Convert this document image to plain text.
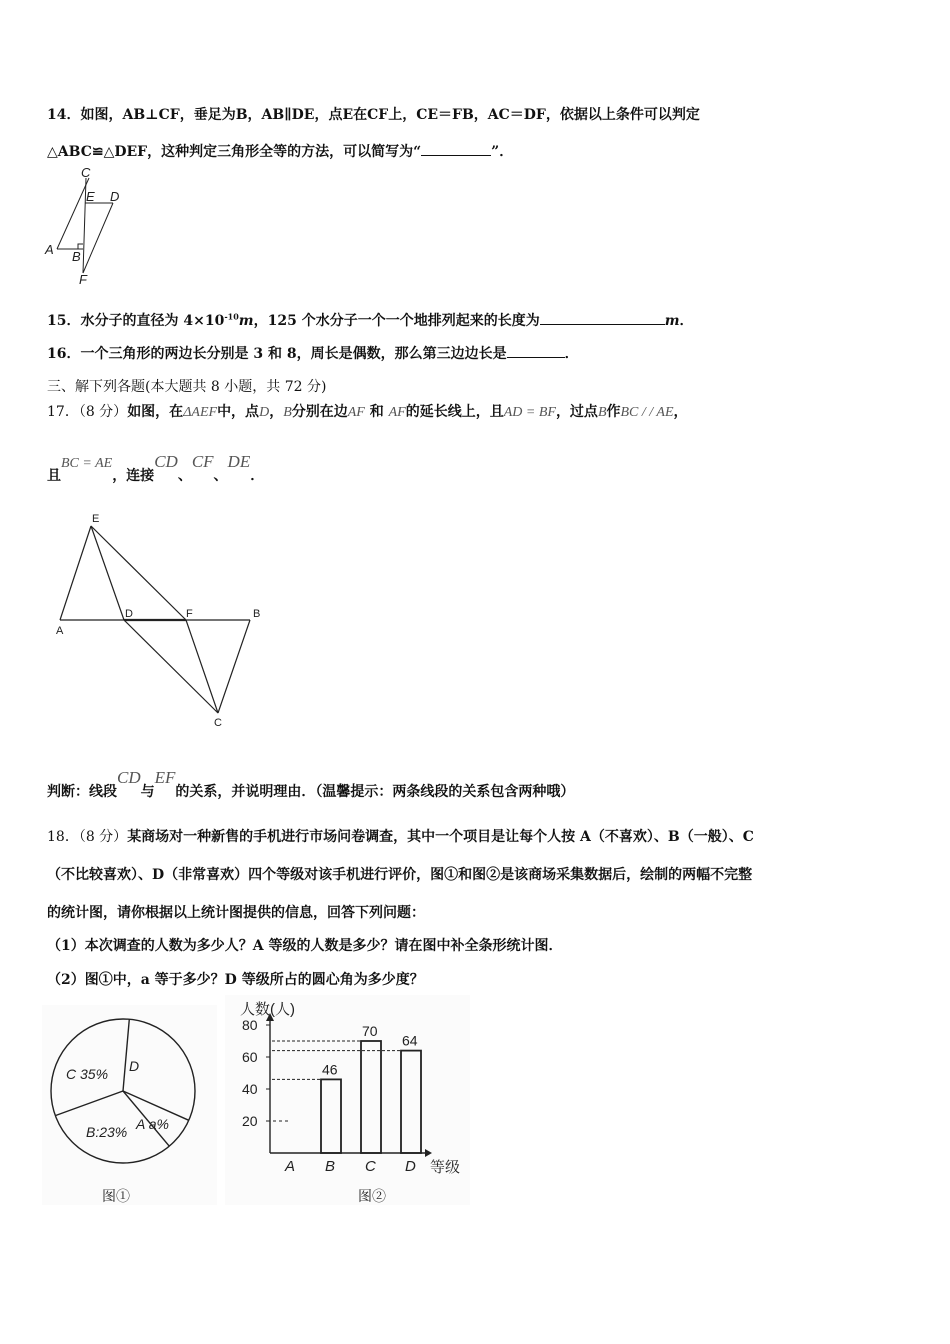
14．如图，AB⊥CF，垂足为B，AB∥DE，点E在CF上，CE＝FB，AC＝DF，依据以上条件可以判定
△ABC≌△DEF，这种判定三角形全等的方法，可以简写为“	”．
C
E D
A B
F
15．水分子的直径为 $4\times 10^{-10}m$，125 个水分子一个一个地排列起来的长度为	m．
16．一个三角形的两边长分别是 3 和 8，周长是偶数，那么第三边边长是	．
三、解下列各题(本大题共 8 小题，共 72 分)
17．（8 分）如图，在ΔAEF中，点D，B分别在边AF 和 AF的延长线上，且AD = BF，过点B作BC / / AE，
且BC = AE，连接CD、CF、DE．
E
A
D	F	B
C
判断：线段CD与EF的关系，并说明理由．（温馨提示：两条线段的关系包含两种哦）
18．（8 分）某商场对一种新售的手机进行市场问卷调查，其中一个项目是让每个人按 A（不喜欢）、B（一般）、C
（不比较喜欢）、D（非常喜欢）四个等级对该手机进行评价，图①和图②是该商场采集数据后，绘制的两幅不完整
的统计图，请你根据以上统计图提供的信息，回答下列问题：
（1）本次调查的人数为多少人？A 等级的人数是多少？请在图中补全条形统计图．
（2）图①中，a 等于多少？D 等级所占的圆心角为多少度？
C 35% D
A a%
B:23%
图①
20
40
60
80
A B
46
C
70
D
64
人数(人)
等级
图②
